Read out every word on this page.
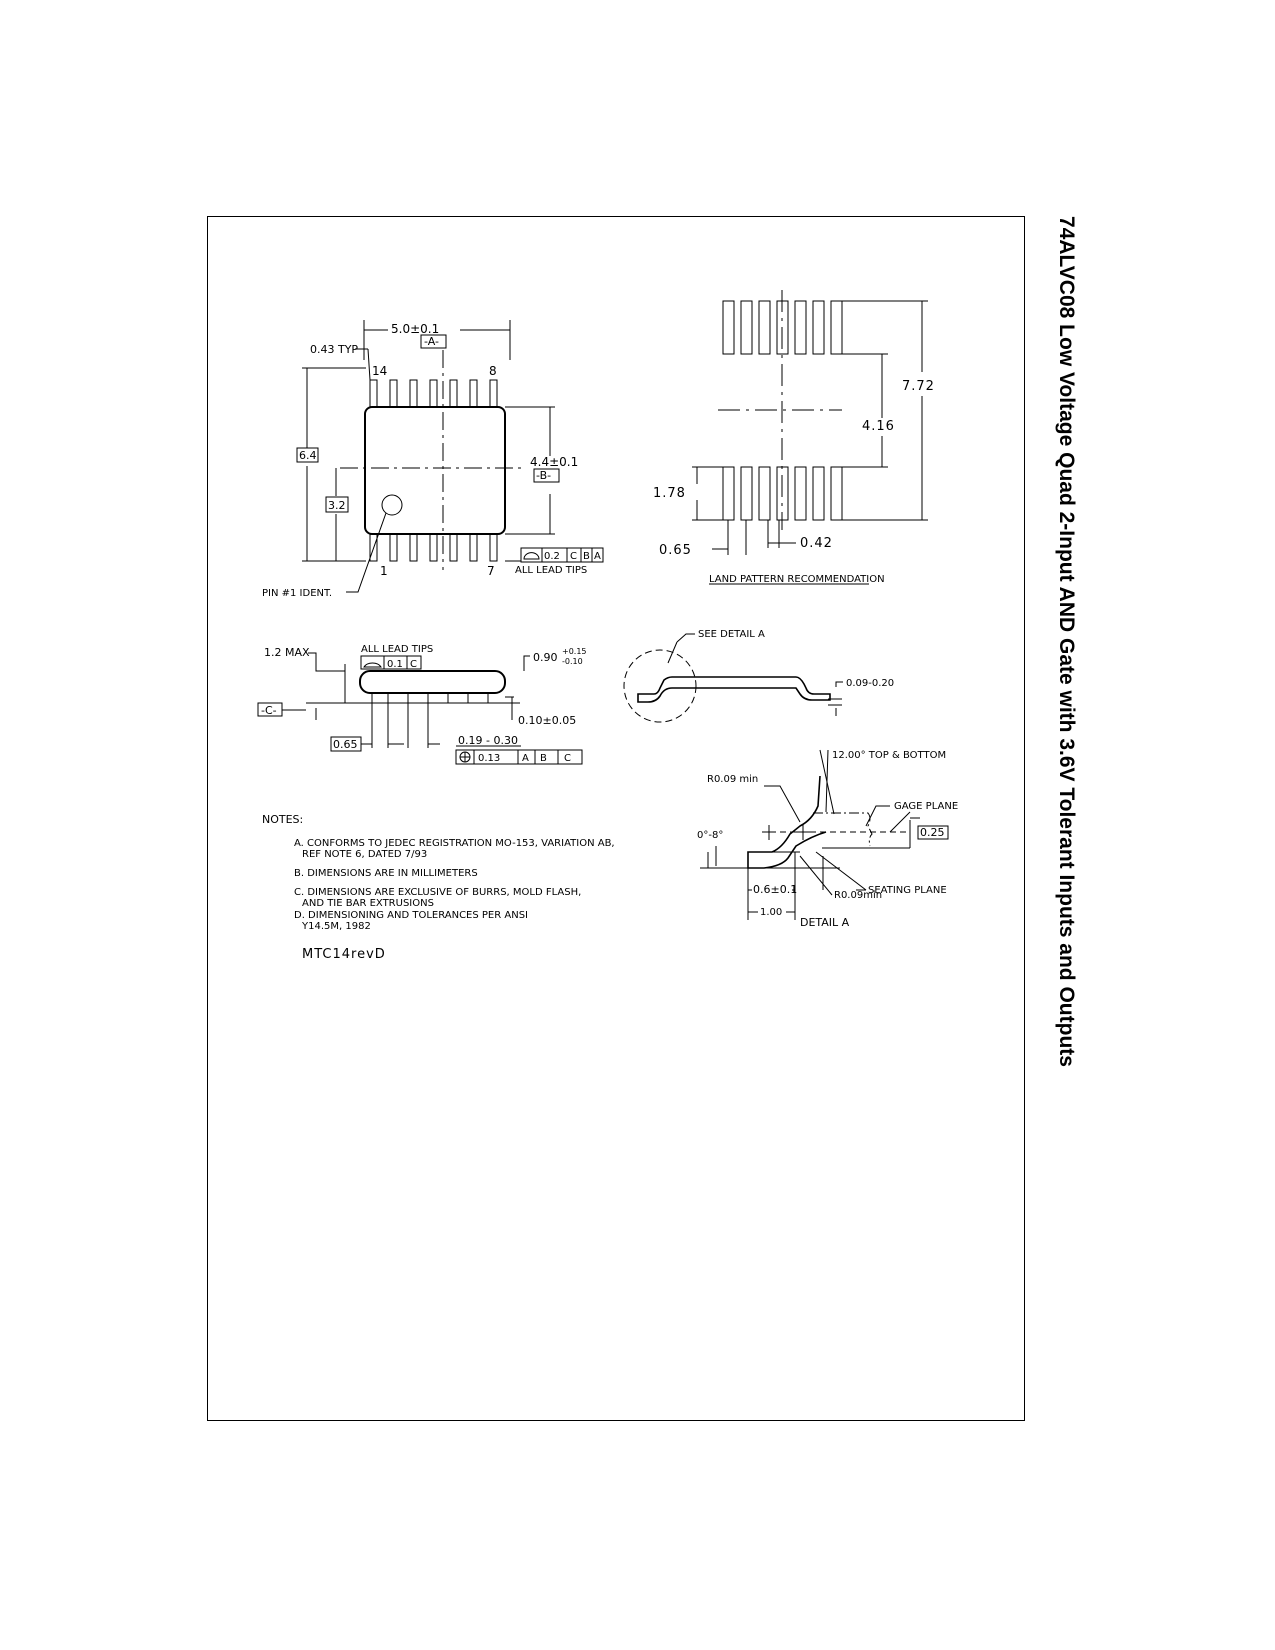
74ALVC08 Low Voltage Quad 2-Input AND Gate with 3.6V Tolerant Inputs and Outputs
5.0±0.1
-A-
0.43 TYP
14	8
1	7
6.4
3.2
4.4±0.1
-B-
PIN #1 IDENT.
0.2 C B A
ALL LEAD TIPS
7.72
4.16
1.78
0.65	0.42
LAND PATTERN RECOMMENDATION
1.2 MAX	ALL LEAD TIPS
0.1 C
0.90 +0.15
-0.10
-C-
0.10±0.05
0.65	0.19 - 0.30
0.13 A B C
SEE DETAIL A
0.09-0.20
12.00° TOP & BOTTOM
R0.09 min
GAGE PLANE
0.25
0°-8°
0.6±0.1	R0.09min
SEATING PLANE
1.00
DETAIL A
NOTES:
A. CONFORMS TO JEDEC REGISTRATION MO-153, VARIATION AB,
REF NOTE 6, DATED 7/93
B. DIMENSIONS ARE IN MILLIMETERS
C. DIMENSIONS ARE EXCLUSIVE OF BURRS, MOLD FLASH,
AND TIE BAR EXTRUSIONS
D. DIMENSIONING AND TOLERANCES PER ANSI
Y14.5M, 1982
MTC14revD
